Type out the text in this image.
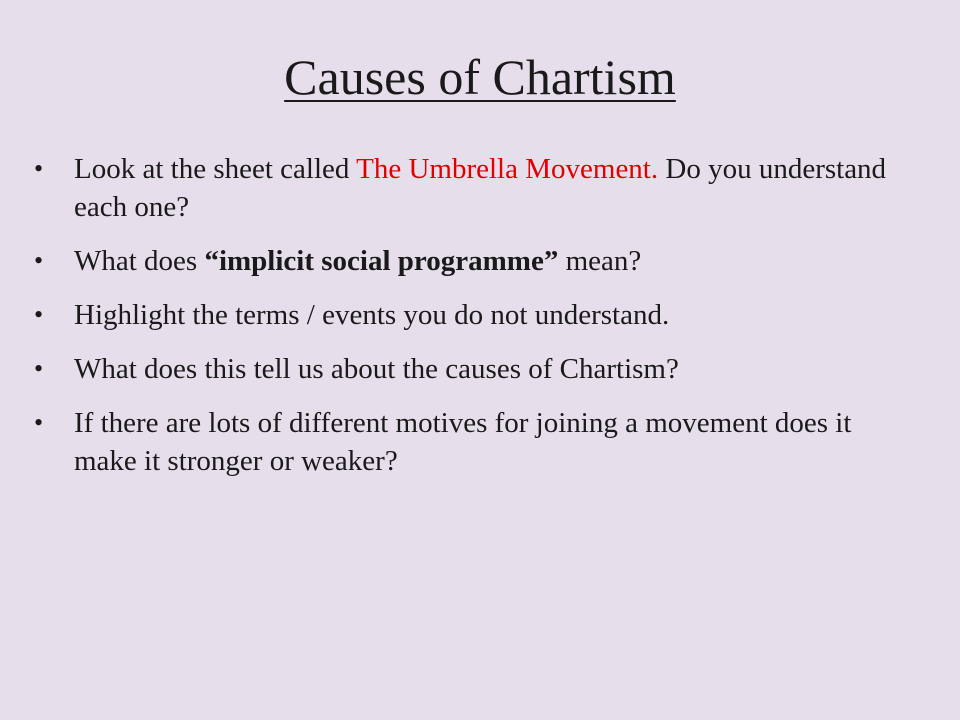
Causes of Chartism
• Look at the sheet called The Umbrella Movement. Do you understand each one?
• What does “implicit social programme” mean?
• Highlight the terms / events you do not understand.
• What does this tell us about the causes of Chartism?
• If there are lots of different motives for joining a movement does it make it stronger or weaker?
